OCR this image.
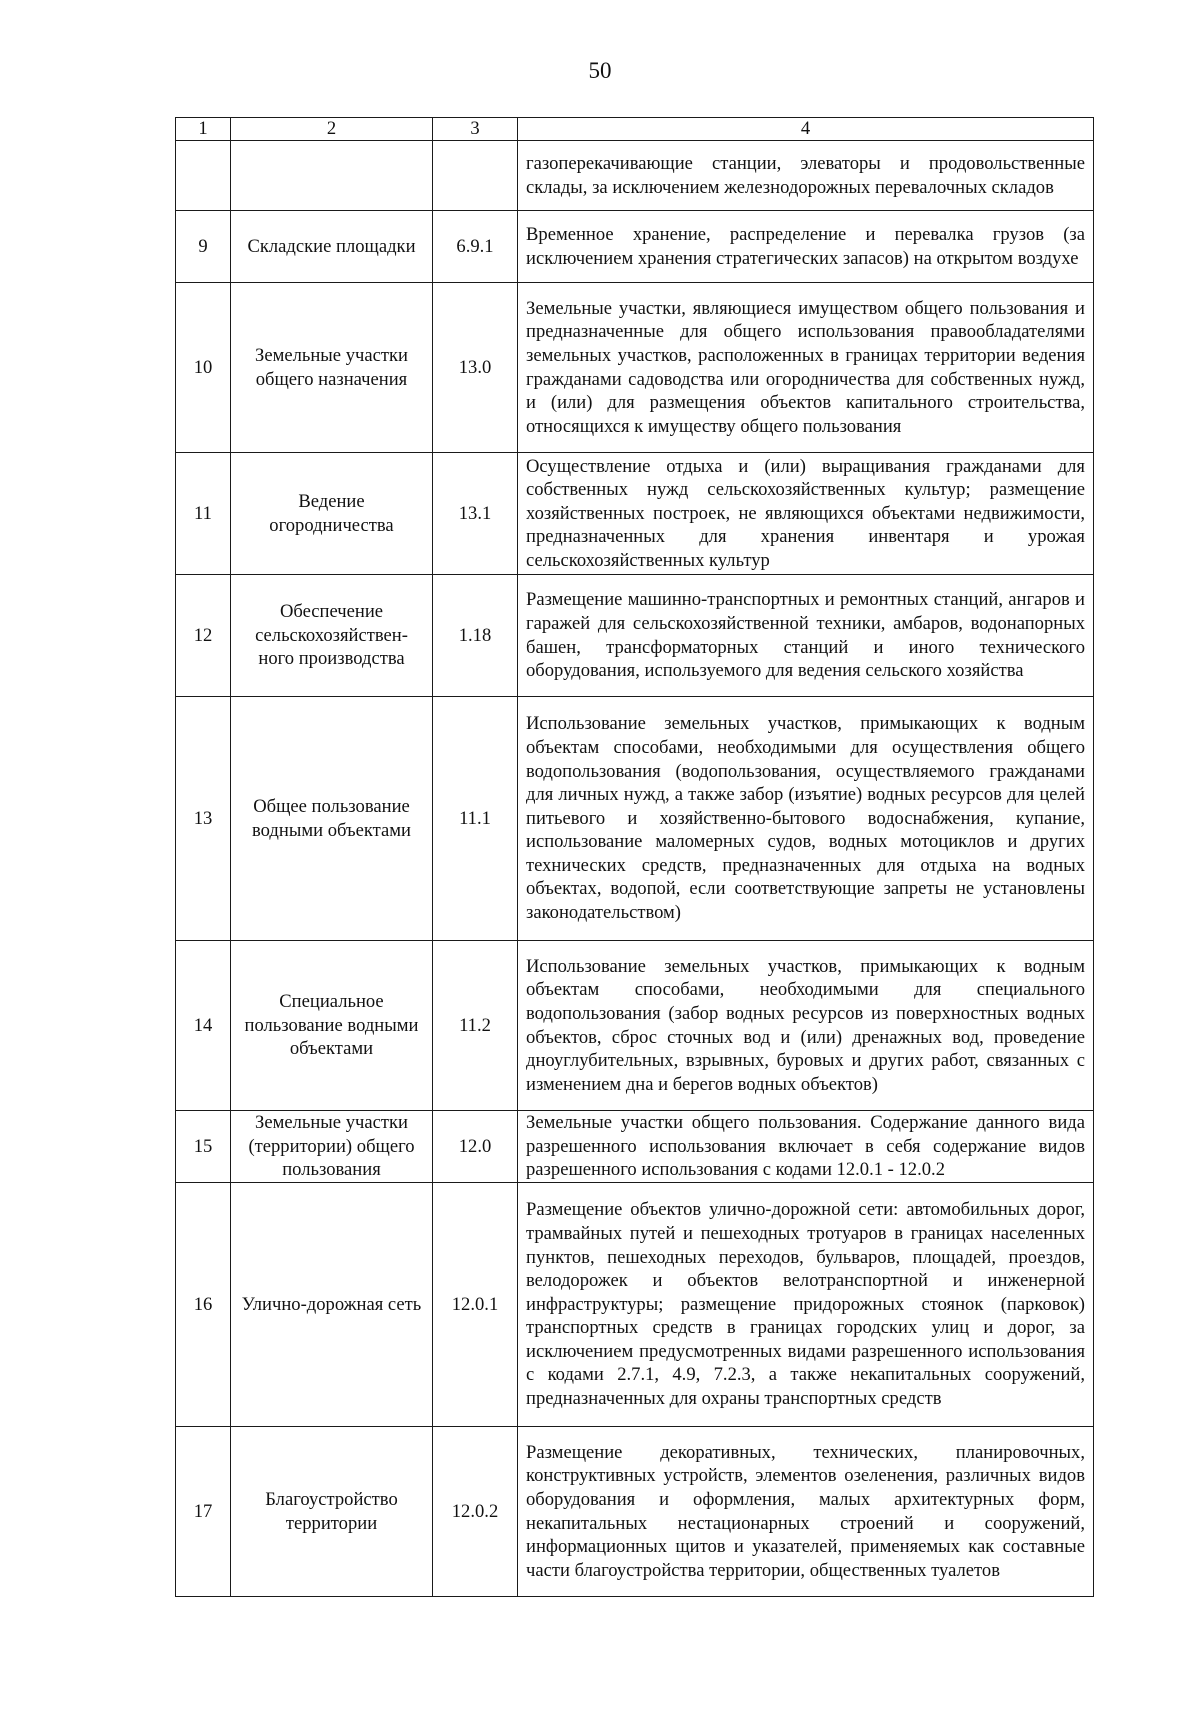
50
1	2	3	4
			газоперекачивающие станции, элеваторы и продовольственные склады, за исключением железнодорожных перевалочных складов
9	Складские площадки	6.9.1	Временное хранение, распределение и перевалка грузов (за исключением хранения стратегических запасов) на открытом воздухе
10	Земельные участки общего назначения	13.0	Земельные участки, являющиеся имуществом общего пользования и предназначенные для общего использования правообладателями земельных участков, расположенных в границах территории ведения гражданами садоводства или огородничества для собственных нужд, и (или) для размещения объектов капитального строительства, относящихся к имуществу общего пользования
11	Ведение огородничества	13.1	Осуществление отдыха и (или) выращивания гражданами для собственных нужд сельскохозяйственных культур; размещение хозяйственных построек, не являющихся объектами недвижимости, предназначенных для хранения инвентаря и урожая сельскохозяйственных культур
12	Обеспечение сельскохозяйствен-ного производства	1.18	Размещение машинно-транспортных и ремонтных станций, ангаров и гаражей для сельскохозяйственной техники, амбаров, водонапорных башен, трансформаторных станций и иного технического оборудования, используемого для ведения сельского хозяйства
13	Общее пользование водными объектами	11.1	Использование земельных участков, примыкающих к водным объектам способами, необходимыми для осуществления общего водопользования (водопользования, осуществляемого гражданами для личных нужд, а также забор (изъятие) водных ресурсов для целей питьевого и хозяйственно-бытового водоснабжения, купание, использование маломерных судов, водных мотоциклов и других технических средств, предназначенных для отдыха на водных объектах, водопой, если соответствующие запреты не установлены законодательством)
14	Специальное пользование водными объектами	11.2	Использование земельных участков, примыкающих к водным объектам способами, необходимыми для специального водопользования (забор водных ресурсов из поверхностных водных объектов, сброс сточных вод и (или) дренажных вод, проведение дноуглубительных, взрывных, буровых и других работ, связанных с изменением дна и берегов водных объектов)
15	Земельные участки (территории) общего пользования	12.0	Земельные участки общего пользования. Содержание данного вида разрешенного использования включает в себя содержание видов разрешенного использования с кодами 12.0.1 - 12.0.2
16	Улично-дорожная сеть	12.0.1	Размещение объектов улично-дорожной сети: автомобильных дорог, трамвайных путей и пешеходных тротуаров в границах населенных пунктов, пешеходных переходов, бульваров, площадей, проездов, велодорожек и объектов велотранспортной и инженерной инфраструктуры; размещение придорожных стоянок (парковок) транспортных средств в границах городских улиц и дорог, за исключением предусмотренных видами разрешенного использования с кодами 2.7.1, 4.9, 7.2.3, а также некапитальных сооружений, предназначенных для охраны транспортных средств
17	Благоустройство территории	12.0.2	Размещение декоративных, технических, планировочных, конструктивных устройств, элементов озеленения, различных видов оборудования и оформления, малых архитектурных форм, некапитальных нестационарных строений и сооружений, информационных щитов и указателей, применяемых как составные части благоустройства территории, общественных туалетов
